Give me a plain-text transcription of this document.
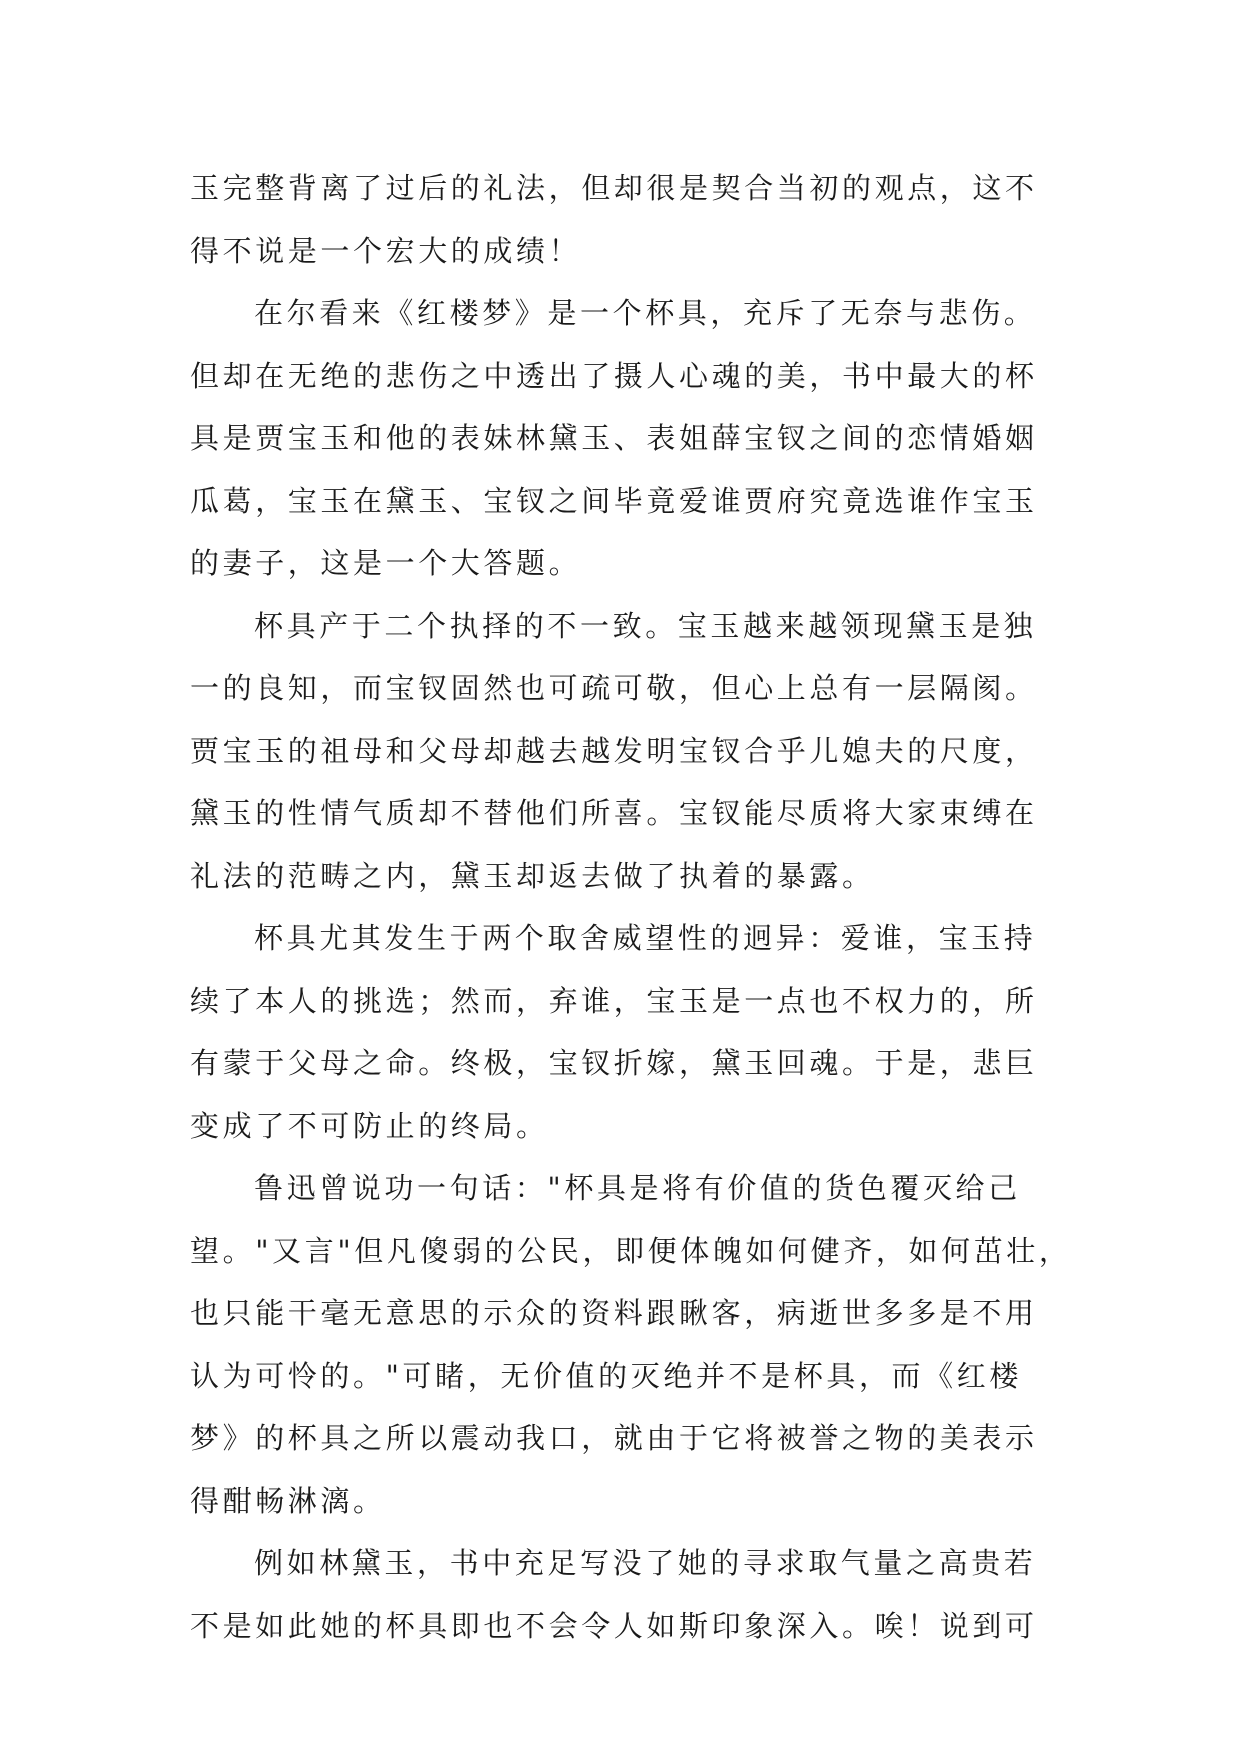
玉完整背离了过后的礼法，但却很是契合当初的观点，这不
得不说是一个宏大的成绩！
在尔看来《红楼梦》是一个杯具，充斥了无奈与悲伤。
但却在无绝的悲伤之中透出了摄人心魂的美，书中最大的杯
具是贾宝玉和他的表妹林黛玉、表姐薛宝钗之间的恋情婚姻
瓜葛，宝玉在黛玉、宝钗之间毕竟爱谁贾府究竟选谁作宝玉
的妻子，这是一个大答题。
杯具产于二个执择的不一致。宝玉越来越领现黛玉是独
一的良知，而宝钗固然也可疏可敬，但心上总有一层隔阂。
贾宝玉的祖母和父母却越去越发明宝钗合乎儿媳夫的尺度，
黛玉的性情气质却不替他们所喜。宝钗能尽质将大家束缚在
礼法的范畴之内，黛玉却返去做了执着的暴露。
杯具尤其发生于两个取舍威望性的迥异：爱谁，宝玉持
续了本人的挑选；然而，弃谁，宝玉是一点也不权力的，所
有蒙于父母之命。终极，宝钗折嫁，黛玉回魂。于是，悲巨
变成了不可防止的终局。
鲁迅曾说功一句话："杯具是将有价值的货色覆灭给己
望。"又言"但凡傻弱的公民，即便体魄如何健齐，如何茁壮，
也只能干毫无意思的示众的资料跟瞅客，病逝世多多是不用
认为可怜的。"可睹，无价值的灭绝并不是杯具，而《红楼
梦》的杯具之所以震动我口，就由于它将被誉之物的美表示
得酣畅淋漓。
例如林黛玉，书中充足写没了她的寻求取气量之高贵若
不是如此她的杯具即也不会令人如斯印象深入。唉！说到可
